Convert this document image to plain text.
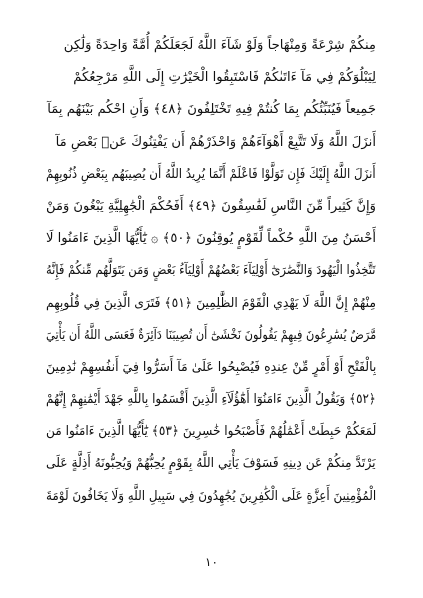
مِنكُمْ شِرْعَةً وَمِنْهَاجاً وَلَوْ شَآءَ اللَّهُ لَجَعَلَكُمْ أُمَّةً وَاحِدَةً وَلَٰكِن
لِيَبْلُوَكُمْ فِي مَآ ءَاتَىٰكُمْ فَاسْتَبِقُوا الْخَيْرَٰتِ إِلَى اللَّهِ مَرْجِعُكُمْ
جَمِيعاً فَيُنَبِّئُكُم بِمَا كُنتُمْ فِيهِ تَخْتَلِفُونَ ﴿٤٨﴾ وَأَنِ احْكُم بَيْنَهُم بِمَآ
أَنزَلَ اللَّهُ وَلَا تَتَّبِعْ أَهْوَآءَهُمْ وَاحْذَرْهُمْ أَن يَفْتِنُوكَ عَنۢ بَعْضِ مَآ
أَنزَلَ اللَّهُ إِلَيْكَ فَإِن تَوَلَّوْا فَاعْلَمْ أَنَّمَا يُرِيدُ اللَّهُ أَن يُصِيبَهُم بِبَعْضِ ذُنُوبِهِمْ
وَإِنَّ كَثِيراً مِّنَ النَّاسِ لَفَٰسِقُونَ ﴿٤٩﴾ أَفَحُكْمَ الْجَٰهِلِيَّةِ يَبْغُونَ وَمَنْ
أَحْسَنُ مِنَ اللَّهِ حُكْماً لِّقَوْمٍ يُوقِنُونَ ﴿٥٠﴾ ۞ يَٰٓأَيُّهَا الَّذِينَ ءَامَنُوا لَا
تَتَّخِذُوا الْيَهُودَ وَالنَّصَٰرَىٰٓ أَوْلِيَآءَ بَعْضُهُمْ أَوْلِيَآءُ بَعْضٍ وَمَن يَتَوَلَّهُم مِّنكُمْ فَإِنَّهُ
مِنْهُمْ إِنَّ اللَّهَ لَا يَهْدِي الْقَوْمَ الظَّٰلِمِينَ ﴿٥١﴾ فَتَرَى الَّذِينَ فِي قُلُوبِهِم
مَّرَضٌ يُسَٰرِعُونَ فِيهِمْ يَقُولُونَ نَخْشَىٰٓ أَن تُصِيبَنَا دَآئِرَةٌ فَعَسَى اللَّهُ أَن يَأْتِيَ
بِالْفَتْحِ أَوْ أَمْرٍ مِّنْ عِندِهِ فَيُصْبِحُوا عَلَىٰ مَآ أَسَرُّوا فِيٓ أَنفُسِهِمْ نَٰدِمِينَ
﴿٥٢﴾ وَيَقُولُ الَّذِينَ ءَامَنُوٓا أَهَٰٓؤُلَآءِ الَّذِينَ أَقْسَمُوا بِاللَّهِ جَهْدَ أَيْمَٰنِهِمْ إِنَّهُمْ
لَمَعَكُمْ حَبِطَتْ أَعْمَٰلُهُمْ فَأَصْبَحُوا خَٰسِرِينَ ﴿٥٣﴾ يَٰٓأَيُّهَا الَّذِينَ ءَامَنُوا مَن
يَرْتَدَّ مِنكُمْ عَن دِينِهِ فَسَوْفَ يَأْتِي اللَّهُ بِقَوْمٍ يُحِبُّهُمْ وَيُحِبُّونَهُ أَذِلَّةٍ عَلَى
الْمُؤْمِنِينَ أَعِزَّةٍ عَلَى الْكَٰفِرِينَ يُجَٰهِدُونَ فِي سَبِيلِ اللَّهِ وَلَا يَخَافُونَ لَوْمَةَ
١٠
